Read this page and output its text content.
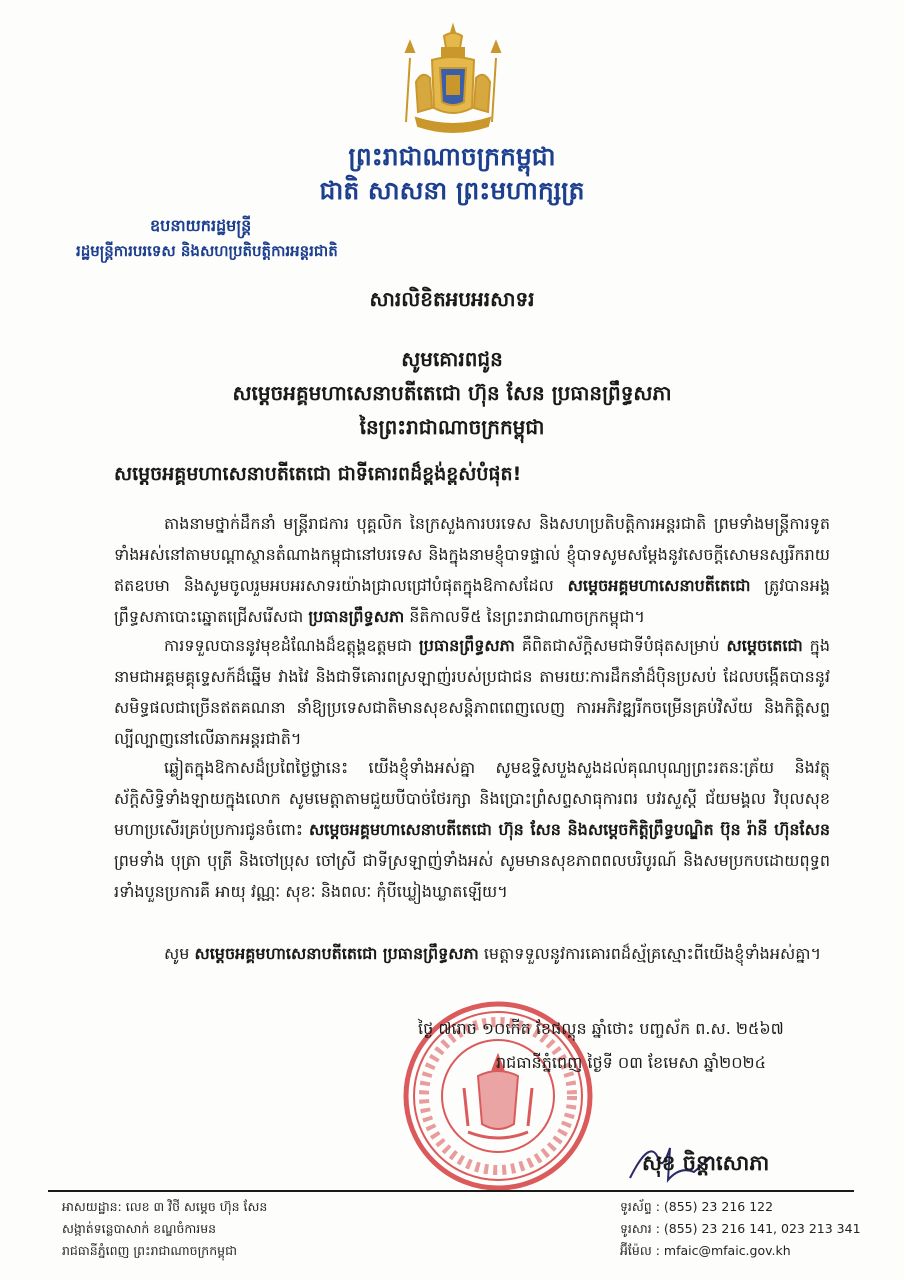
ព្រះរាជាណាចក្រកម្ពុជា
ជាតិ សាសនា ព្រះមហាក្សត្រ
ឧបនាយករដ្ឋមន្ត្រី
រដ្ឋមន្ត្រីការបរទេស និងសហប្រតិបត្តិការអន្តរជាតិ
សារលិខិតអបអរសាទរ
សូមគោរពជូន
សម្តេចអគ្គមហាសេនាបតីតេជោ ហ៊ុន សែន ប្រធានព្រឹទ្ធសភា
នៃព្រះរាជាណាចក្រកម្ពុជា
សម្តេចអគ្គមហាសេនាបតីតេជោ ជាទីគោរពដ៏ខ្ពង់ខ្ពស់បំផុត!
តាងនាមថ្នាក់ដឹកនាំ មន្ត្រីរាជការ បុគ្គលិក នៃក្រសួងការបរទេស និងសហប្រតិបត្តិការអន្តរជាតិ ព្រមទាំងមន្ត្រីការទូតទាំងអស់នៅតាមបណ្តាស្ថានតំណាងកម្ពុជានៅបរទេស និងក្នុងនាមខ្ញុំបាទផ្ទាល់ ខ្ញុំបាទសូមសម្តែងនូវសេចក្តីសោមនស្សរីករាយឥតឧបមា និងសូមចូលរួមអបអរសាទរយ៉ាងជ្រាលជ្រៅបំផុតក្នុងឱកាសដែល សម្តេចអគ្គមហាសេនាបតីតេជោ ត្រូវបានអង្គព្រឹទ្ធសភាបោះឆ្នោតជ្រើសរើសជា ប្រធានព្រឹទ្ធសភា នីតិកាលទី៥ នៃព្រះរាជាណាចក្រកម្ពុជា។
ការទទួលបាននូវមុខដំណែងដ៏ឧត្តុង្គឧត្តមជា ប្រធានព្រឹទ្ធសភា គឺពិតជាស័ក្តិសមជាទីបំផុតសម្រាប់ សម្តេចតេជោ ក្នុងនាមជាអគ្គមគ្គុទ្ទេសក៍ដ៏ឆ្នើម វាងវៃ និងជាទីគោរពស្រឡាញ់របស់ប្រជាជន តាមរយៈការដឹកនាំដ៏ប៉ិនប្រសប់ ដែលបង្កើតបាននូវសមិទ្ធផលជាច្រើនឥតគណនា នាំឱ្យប្រទេសជាតិមានសុខសន្តិភាពពេញលេញ ការអភិវឌ្ឍរីកចម្រើនគ្រប់វិស័យ និងកិត្តិសព្ទល្បីល្បាញនៅលើឆាកអន្តរជាតិ។
ឆ្លៀតក្នុងឱកាសដ៏ប្រពៃថ្ងៃថ្លានេះ យើងខ្ញុំទាំងអស់គ្នា សូមឧទ្ទិសបួងសួងដល់គុណបុណ្យព្រះរតនៈត្រ័យ និងវត្ថុស័ក្តិសិទ្ធិទាំងឡាយក្នុងលោក សូមមេត្តាតាមជួយបីបាច់ថែរក្សា និងប្រោះព្រំសព្ទសាធុការពរ បវរសួស្តី ជ័យមង្គល វិបុលសុខ មហាប្រសើរគ្រប់ប្រការជូនចំពោះ សម្តេចអគ្គមហាសេនាបតីតេជោ ហ៊ុន សែន និងសម្តេចកិត្តិព្រឹទ្ធបណ្ឌិត ប៊ុន រ៉ានី ហ៊ុនសែន ព្រមទាំង បុត្រា បុត្រី និងចៅប្រុស ចៅស្រី ជាទីស្រឡាញ់ទាំងអស់ សូមមានសុខភាពពលបរិបូរណ៍ និងសមប្រកបដោយពុទ្ធពរទាំងបួនប្រការគឺ អាយុ វណ្ណៈ សុខៈ និងពលៈ កុំបីឃ្លៀងឃ្លាតឡើយ។
សូម សម្តេចអគ្គមហាសេនាបតីតេជោ ប្រធានព្រឹទ្ធសភា មេត្តាទទួលនូវការគោរពដ៏ស្ម័គ្រស្មោះពីយើងខ្ញុំទាំងអស់គ្នា។
ថ្ងៃ ៧រោច ១០កើត ខែផល្គុន ឆ្នាំថោះ បញ្ចស័ក ព.ស. ២៥៦៧
រាជធានីភ្នំពេញ ថ្ងៃទី ០៣ ខែមេសា ឆ្នាំ២០២៤
សុខ ចិន្តាសោភា
អាសយដ្ឋាន: លេខ ៣ វិថី សម្តេច ហ៊ុន សែន
សង្កាត់ទន្លេបាសាក់ ខណ្ឌចំការមន
រាជធានីភ្នំពេញ ព្រះរាជាណាចក្រកម្ពុជា
ទូរស័ព្ទ : (855) 23 216 122
ទូរសារ : (855) 23 216 141, 023 213 341
អ៊ីម៉ែល : mfaic@mfaic.gov.kh
